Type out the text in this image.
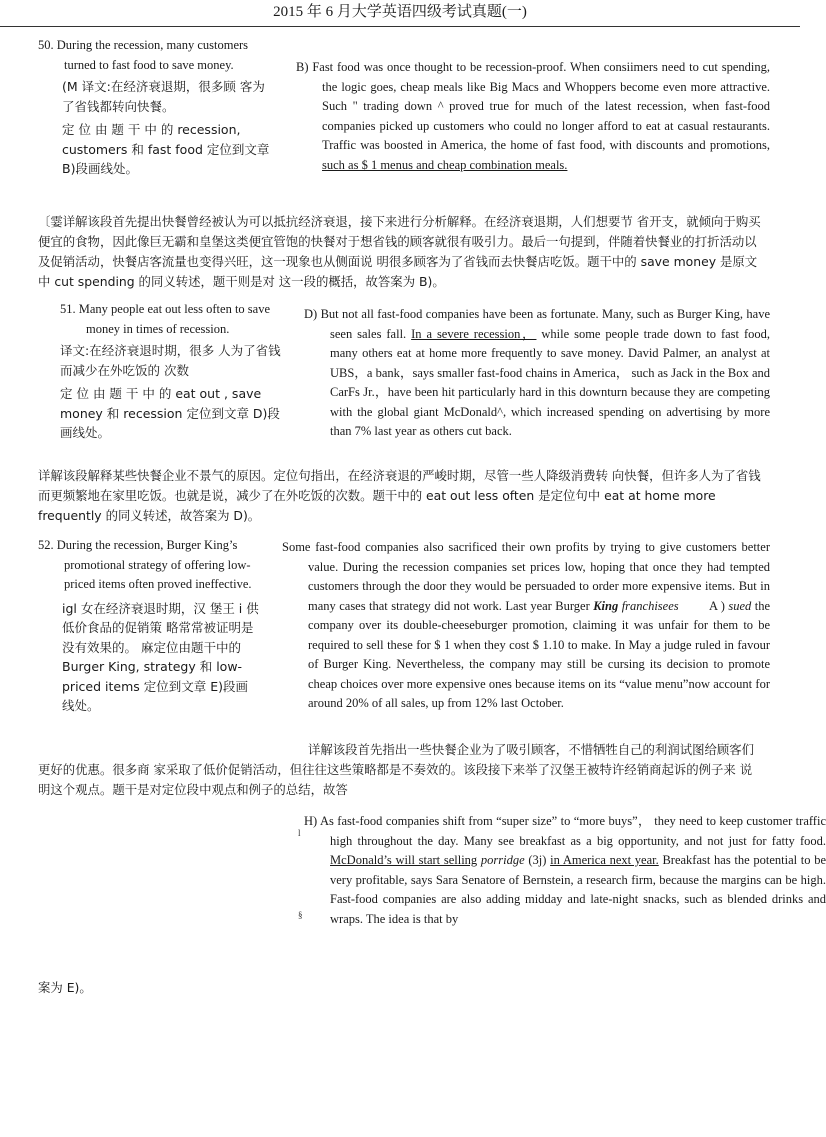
2015 年 6 月大学英语四级考试真题(一)
50. During the recession, many customers turned to fast food to save money.
(M 译文:在经济衰退期，很多顾 客为了省钱都转向快餐。
定 位 由 题 干 中 的 recession, customers 和 fast food 定位到文章 B)段画线处。
B) Fast food was once thought to be recession-proof. When consiimers need to cut spending, the logic goes, cheap meals like Big Macs and Whoppers become even more attractive. Such " trading down ^ proved true for much of the latest recession, when fast-food companies picked up customers who could no longer afford to eat at casual restaurants. Traffic was boosted in America, the home of fast food, with discounts and promotions, such as $ 1 menus and cheap combination meals.
〔霎详解该段首先提出快餐曾经被认为可以抵抗经济衰退，接下来进行分析解释。在经济衰退期，人们想要节 省开支，就倾向于购买便宜的食物，因此像巨无霸和皇堡这类便宜管饱的快餐对于想省钱的顾客就很有吸引力。最后一句提到，伴随着快餐业的打折活动以及促销活动，快餐店客流量也变得兴旺，这一现象也从侧面说 明很多顾客为了省钱而去快餐店吃饭。题干中的 save money 是原文中 cut spending 的同义转述，题干则是对 这一段的概括，故答案为 B)。
51. Many people eat out less often to save money in times of recession.
译文:在经济衰退时期，很多 人为了省钱而减少在外吃饭的 次数
定 位 由 题 干 中 的 eat out , save money 和 recession 定位到文章 D)段画线处。
D) But not all fast-food companies have been as fortunate. Many, such as Burger King, have seen sales fall. In a severe recession， while some people trade down to fast food, many others eat at home more frequently to save money. David Palmer, an analyst at UBS，a bank，says smaller fast-food chains in America， such as Jack in the Box and CarFs Jr.，have been hit particularly hard in this downturn because they are competing with the global giant McDonald^, which increased spending on advertising by more than 7% last year as others cut back.
详解该段解释某些快餐企业不景气的原因。定位句指出，在经济衰退的严峻时期，尽管一些人降级消费转 向快餐，但许多人为了省钱而更频繁地在家里吃饭。也就是说，减少了在外吃饭的次数。题干中的 eat out less often 是定位句中 eat at home more frequently 的同义转述，故答案为 D)。
52. During the recession, Burger King’s promotional strategy of offering low-priced items often proved ineffective.
igl 女在经济衰退时期，汉 堡王 i 供低价食品的促销策 略常常被证明是没有效果的。 麻定位由题干中的 Burger King, strategy 和 low-priced items 定位到文章 E)段画线处。
Some fast-food companies also sacrificed their own profits by trying to give customers better value. During the recession companies set prices low, hoping that once they had tempted customers through the door they would be persuaded to order more expensive items. But in many cases that strategy did not work. Last year Burger King franchisees A ) sued the company over its double-cheeseburger promotion, claiming it was unfair for them to be required to sell these for $ 1 when they cost $ 1.10 to make. In May a judge ruled in favour of Burger King. Nevertheless, the company may still be cursing its decision to promote cheap choices over more expensive ones because items on its “value menu”now account for around 20% of all sales, up from 12% last October.
详解该段首先指出一些快餐企业为了吸引顾客，不惜牺牲自己的利润试图给顾客们更好的优惠。很多商 家采取了低价促销活动，但往往这些策略都是不奏效的。该段接下来举了汉堡王被特许经销商起诉的例子来 说明这个观点。题干是对定位段中观点和例子的总结，故答
l
§
H) As fast-food companies shift from “super size” to “more buys”， they need to keep customer traffic high throughout the day. Many see breakfast as a big opportunity, and not just for fatty food. McDonald’s will start selling porridge (3j) in America next year. Breakfast has the potential to be very profitable, says Sara Senatore of Bernstein, a research firm, because the margins can be high. Fast-food companies are also adding midday and late-night snacks, such as blended drinks and wraps. The idea is that by
案为 E)。
